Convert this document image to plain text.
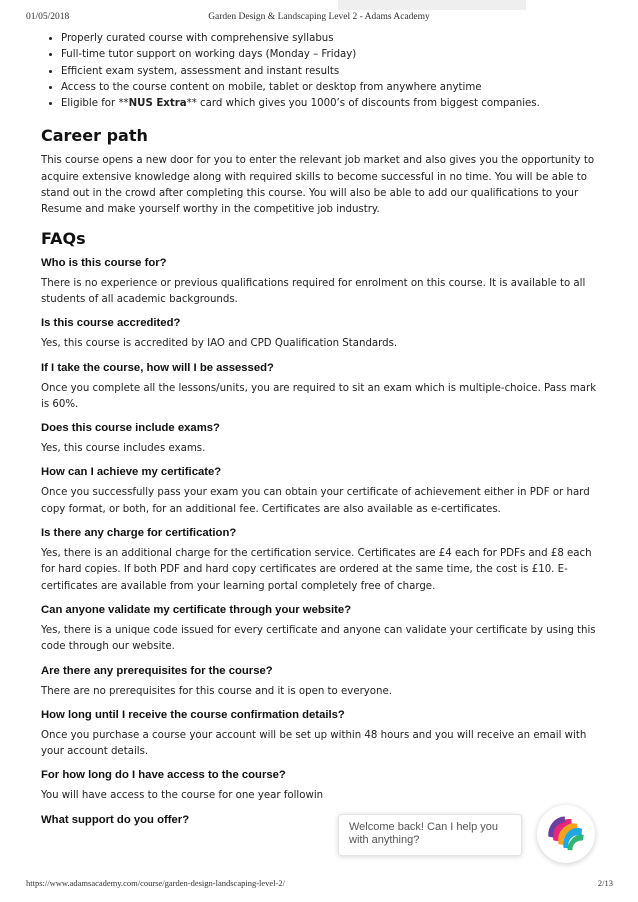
01/05/2018	Garden Design & Landscaping Level 2 - Adams Academy
• Properly curated course with comprehensive syllabus
• Full-time tutor support on working days (Monday – Friday)
• Efficient exam system, assessment and instant results
• Access to the course content on mobile, tablet or desktop from anywhere anytime
• Eligible for **NUS Extra** card which gives you 1000’s of discounts from biggest companies.
Career path

This course opens a new door for you to enter the relevant job market and also gives you the opportunity to acquire extensive knowledge along with required skills to become successful in no time. You will be able to stand out in the crowd after completing this course. You will also be able to add our qualifications to your Resume and make yourself worthy in the competitive job industry.

FAQs
Who is this course for?

There is no experience or previous qualifications required for enrolment on this course. It is available to all students of all academic backgrounds.

Is this course accredited?

Yes, this course is accredited by IAO and CPD Qualification Standards.

If I take the course, how will I be assessed?

Once you complete all the lessons/units, you are required to sit an exam which is multiple-choice. Pass mark is 60%.

Does this course include exams?

Yes, this course includes exams.

How can I achieve my certificate?

Once you successfully pass your exam you can obtain your certificate of achievement either in PDF or hard copy format, or both, for an additional fee. Certificates are also available as e-certificates.

Is there any charge for certification?

Yes, there is an additional charge for the certification service. Certificates are £4 each for PDFs and £8 each for hard copies. If both PDF and hard copy certificates are ordered at the same time, the cost is £10. E-certificates are available from your learning portal completely free of charge.

Can anyone validate my certificate through your website?

Yes, there is a unique code issued for every certificate and anyone can validate your certificate by using this code through our website.

Are there any prerequisites for the course?

There are no prerequisites for this course and it is open to everyone.

How long until I receive the course confirmation details?

Once you purchase a course your account will be set up within 48 hours and you will receive an email with your account details.

For how long do I have access to the course?

You will have access to the course for one year followin

What support do you offer?
Welcome back! Can I help you with anything?
https://www.adamsacademy.com/course/garden-design-landscaping-level-2/	2/13
